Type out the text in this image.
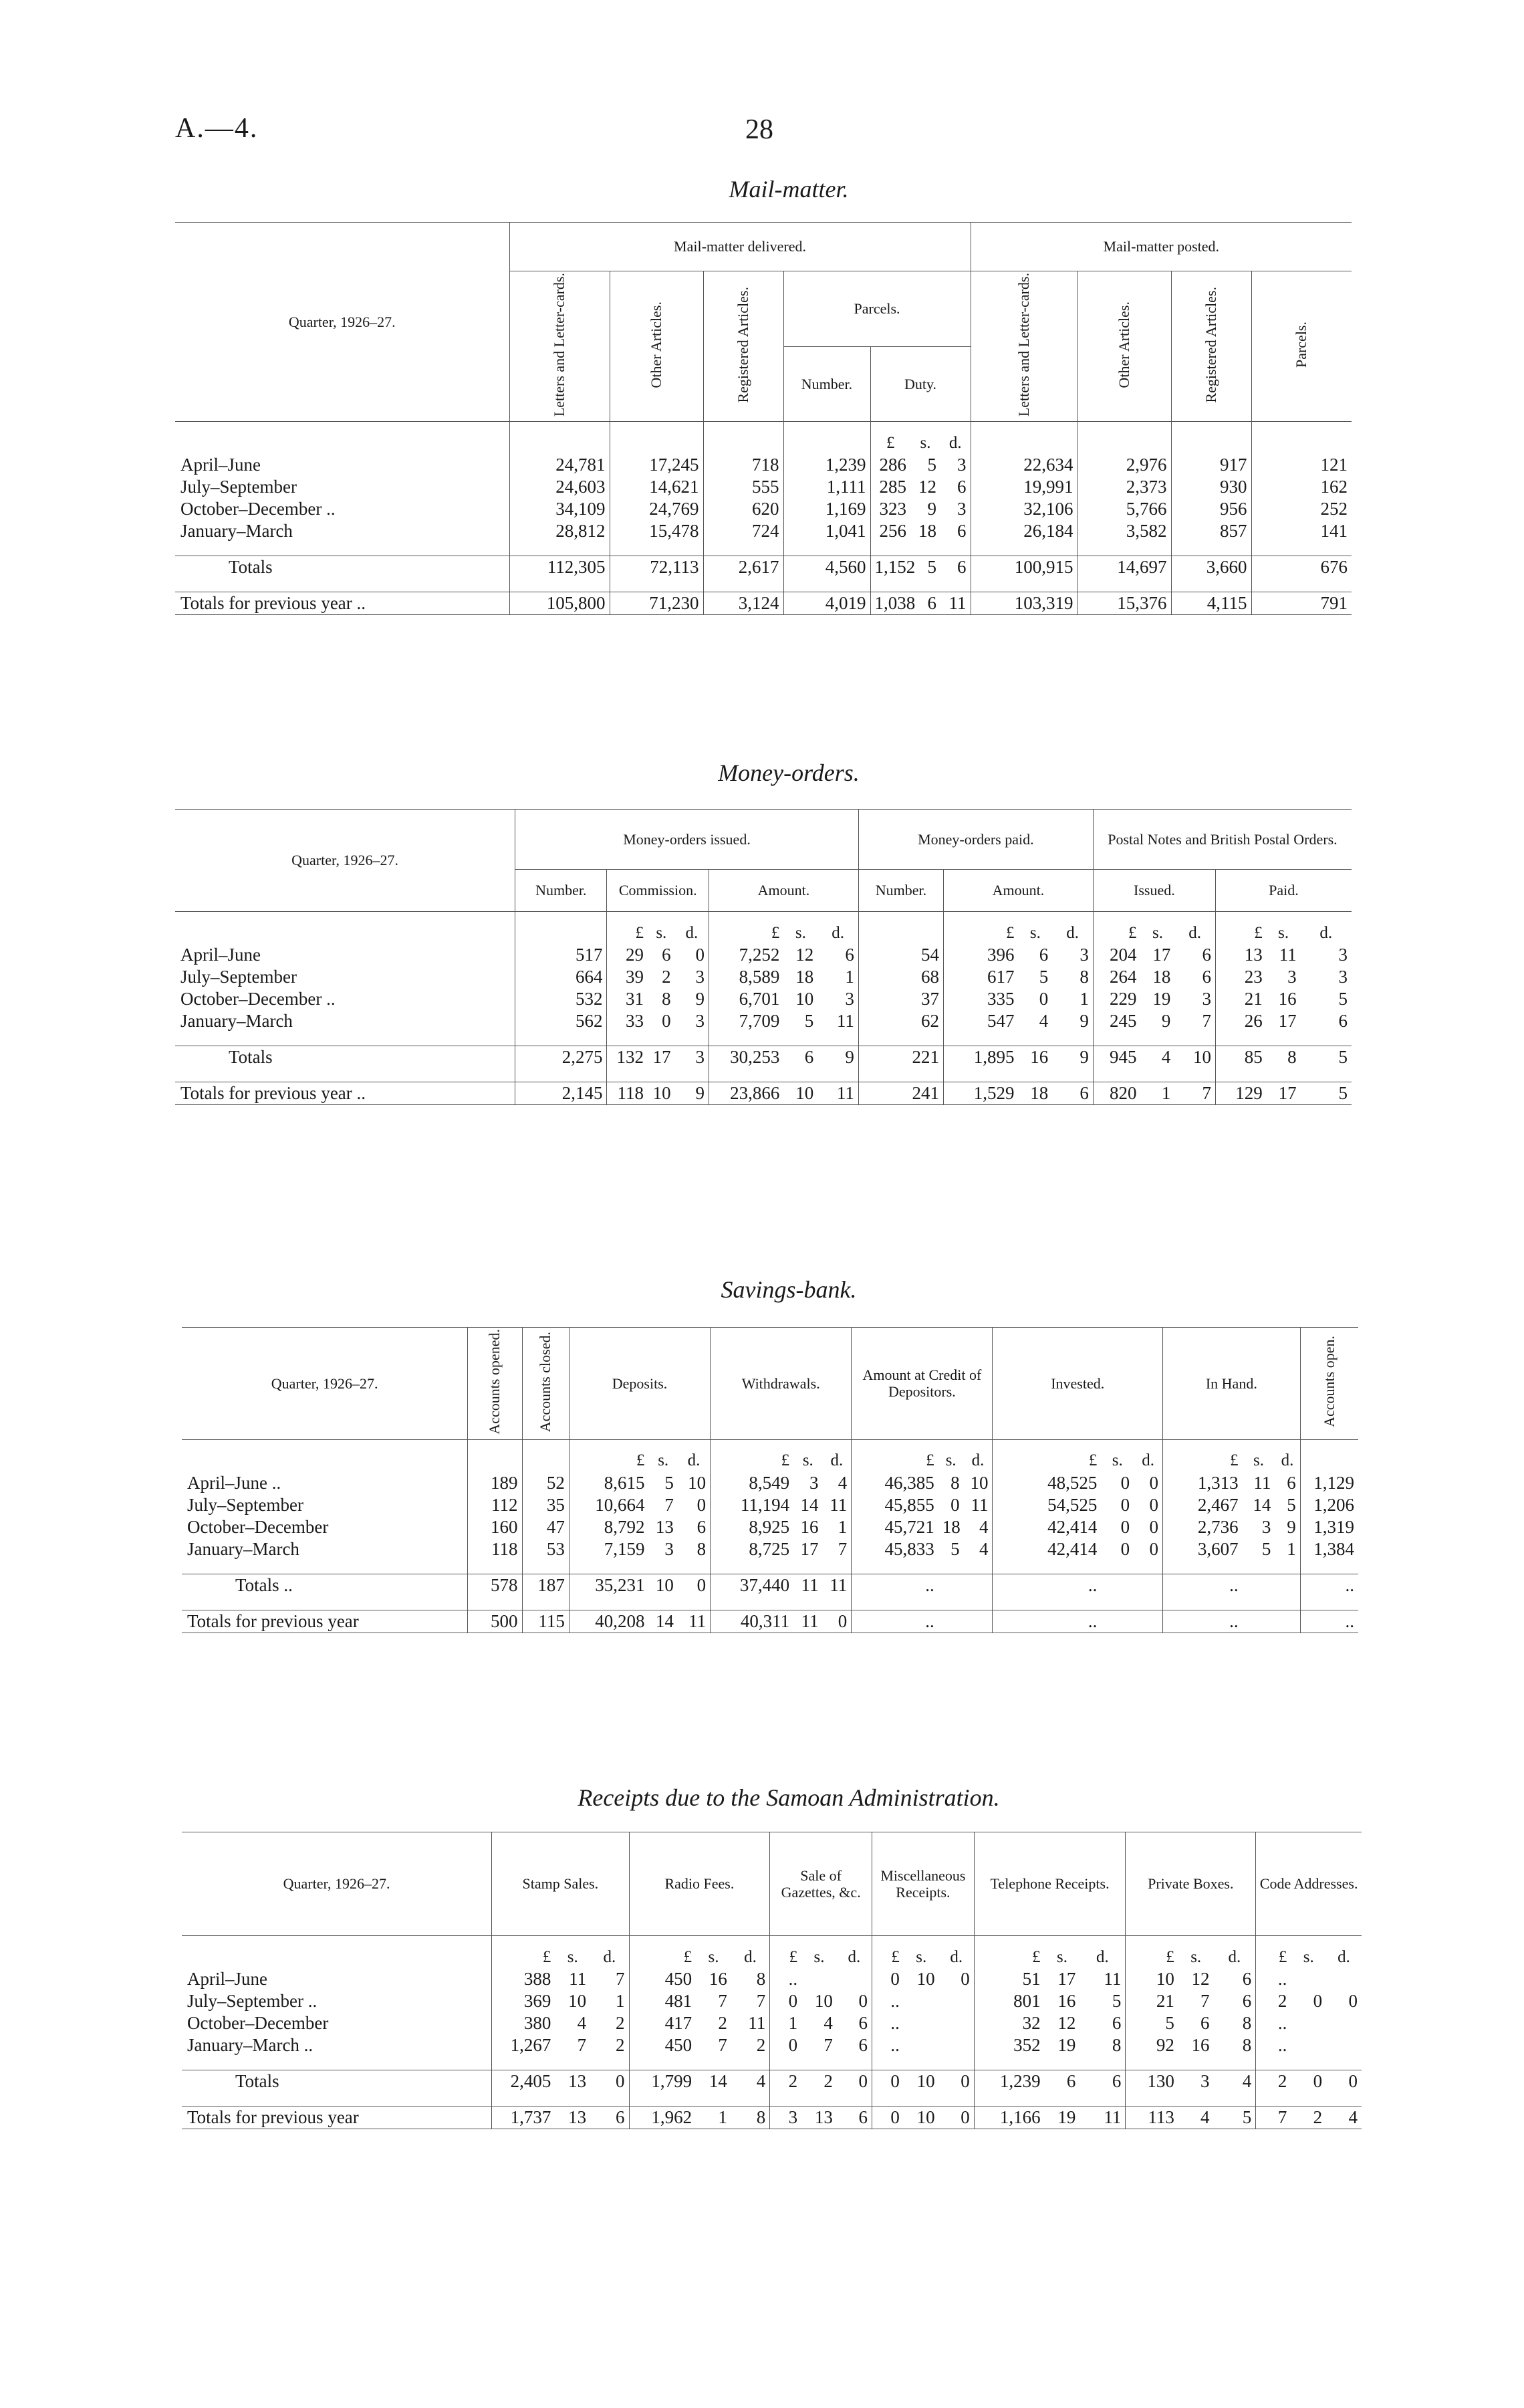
A.—4.	28
Mail-matter.
Quarter, 1926–27.	Mail-matter delivered.							Mail-matter posted.			
	Letters and Letter-cards.	Other Articles.	Registered Articles.	Parcels.				Letters and Letter-cards.	Other Articles.	Registered Articles.	Parcels.
				Number.	Duty.						
					£	s.	d.				
April–June	24,781	17,245	718	1,239	286	5	3	22,634	2,976	917	121
July–September	24,603	14,621	555	1,111	285	12	6	19,991	2,373	930	162
October–December ..	34,109	24,769	620	1,169	323	9	3	32,106	5,766	956	252
January–March	28,812	15,478	724	1,041	256	18	6	26,184	3,582	857	141

Totals	112,305	72,113	2,617	4,560	1,152	5	6	100,915	14,697	3,660	676

Totals for previous year ..	105,800	71,230	3,124	4,019	1,038	6	11	103,319	15,376	4,115	791
Money-orders.
Quarter, 1926–27.	Money-orders issued.							Money-orders paid.				Postal Notes and British Postal Orders.					
	Number.	Commission.			Amount.			Number.	Amount.			Issued.			Paid.		
		£	s.	d.	£	s.	d.		£	s.	d.	£	s.	d.	£	s.	d.
April–June	517	29	6	0	7,252	12	6	54	396	6	3	204	17	6	13	11	3
July–September	664	39	2	3	8,589	18	1	68	617	5	8	264	18	6	23	3	3
October–December ..	532	31	8	9	6,701	10	3	37	335	0	1	229	19	3	21	16	5
January–March	562	33	0	3	7,709	5	11	62	547	4	9	245	9	7	26	17	6

Totals	2,275	132	17	3	30,253	6	9	221	1,895	16	9	945	4	10	85	8	5

Totals for previous year ..	2,145	118	10	9	23,866	10	11	241	1,529	18	6	820	1	7	129	17	5
Savings-bank.
Quarter, 1926–27.	Accounts opened.	Accounts closed.	Deposits.			Withdrawals.			Amount at Credit of Depositors.			Invested.			In Hand.			Accounts open.
			£	s.	d.	£	s.	d.	£	s.	d.	£	s.	d.	£	s.	d.	
April–June ..	189	52	8,615	5	10	8,549	3	4	46,385	8	10	48,525	0	0	1,313	11	6	1,129
July–September	112	35	10,664	7	0	11,194	14	11	45,855	0	11	54,525	0	0	2,467	14	5	1,206
October–December	160	47	8,792	13	6	8,925	16	1	45,721	18	4	42,414	0	0	2,736	3	9	1,319
January–March	118	53	7,159	3	8	8,725	17	7	45,833	5	4	42,414	0	0	3,607	5	1	1,384

Totals ..	578	187	35,231	10	0	37,440	11	11	..			..			..			..

Totals for previous year	500	115	40,208	14	11	40,311	11	0	..			..			..			..
Receipts due to the Samoan Administration.
Quarter, 1926–27.	Stamp Sales.			Radio Fees.			Sale of Gazettes, &c.			Miscellaneous Receipts.			Telephone Receipts.			Private Boxes.			Code Addresses.		
	£	s.	d.	£	s.	d.	£	s.	d.	£	s.	d.	£	s.	d.	£	s.	d.	£	s.	d.
April–June	388	11	7	450	16	8	..			0	10	0	51	17	11	10	12	6	..		
July–September ..	369	10	1	481	7	7	0	10	0	..			801	16	5	21	7	6	2	0	0
October–December	380	4	2	417	2	11	1	4	6	..			32	12	6	5	6	8	..		
January–March ..	1,267	7	2	450	7	2	0	7	6	..			352	19	8	92	16	8	..		

Totals	2,405	13	0	1,799	14	4	2	2	0	0	10	0	1,239	6	6	130	3	4	2	0	0

Totals for previous year	1,737	13	6	1,962	1	8	3	13	6	0	10	0	1,166	19	11	113	4	5	7	2	4
